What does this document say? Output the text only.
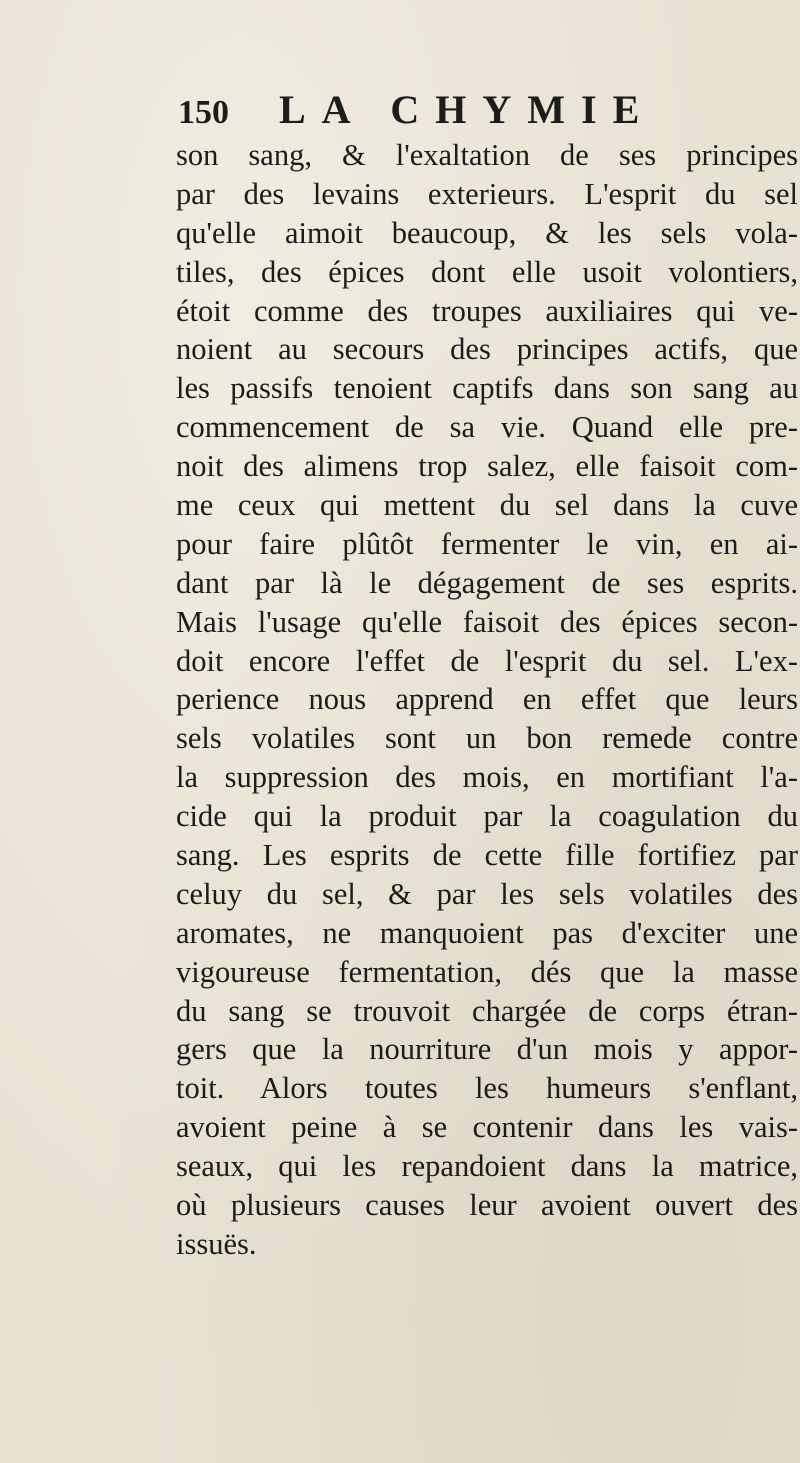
150 LA CHYMIE
son sang, & l'exaltation de ses principes
par des levains exterieurs. L'esprit du sel
qu'elle aimoit beaucoup, & les sels vola-
tiles, des épices dont elle usoit volontiers,
étoit comme des troupes auxiliaires qui ve-
noient au secours des principes actifs, que
les passifs tenoient captifs dans son sang au
commencement de sa vie. Quand elle pre-
noit des alimens trop salez, elle faisoit com-
me ceux qui mettent du sel dans la cuve
pour faire plûtôt fermenter le vin, en ai-
dant par là le dégagement de ses esprits.
Mais l'usage qu'elle faisoit des épices secon-
doit encore l'effet de l'esprit du sel. L'ex-
perience nous apprend en effet que leurs
sels volatiles sont un bon remede contre
la suppression des mois, en mortifiant l'a-
cide qui la produit par la coagulation du
sang. Les esprits de cette fille fortifiez par
celuy du sel, & par les sels volatiles des
aromates, ne manquoient pas d'exciter une
vigoureuse fermentation, dés que la masse
du sang se trouvoit chargée de corps étran-
gers que la nourriture d'un mois y appor-
toit. Alors toutes les humeurs s'enflant,
avoient peine à se contenir dans les vais-
seaux, qui les repandoient dans la matrice,
où plusieurs causes leur avoient ouvert des
issuës.
